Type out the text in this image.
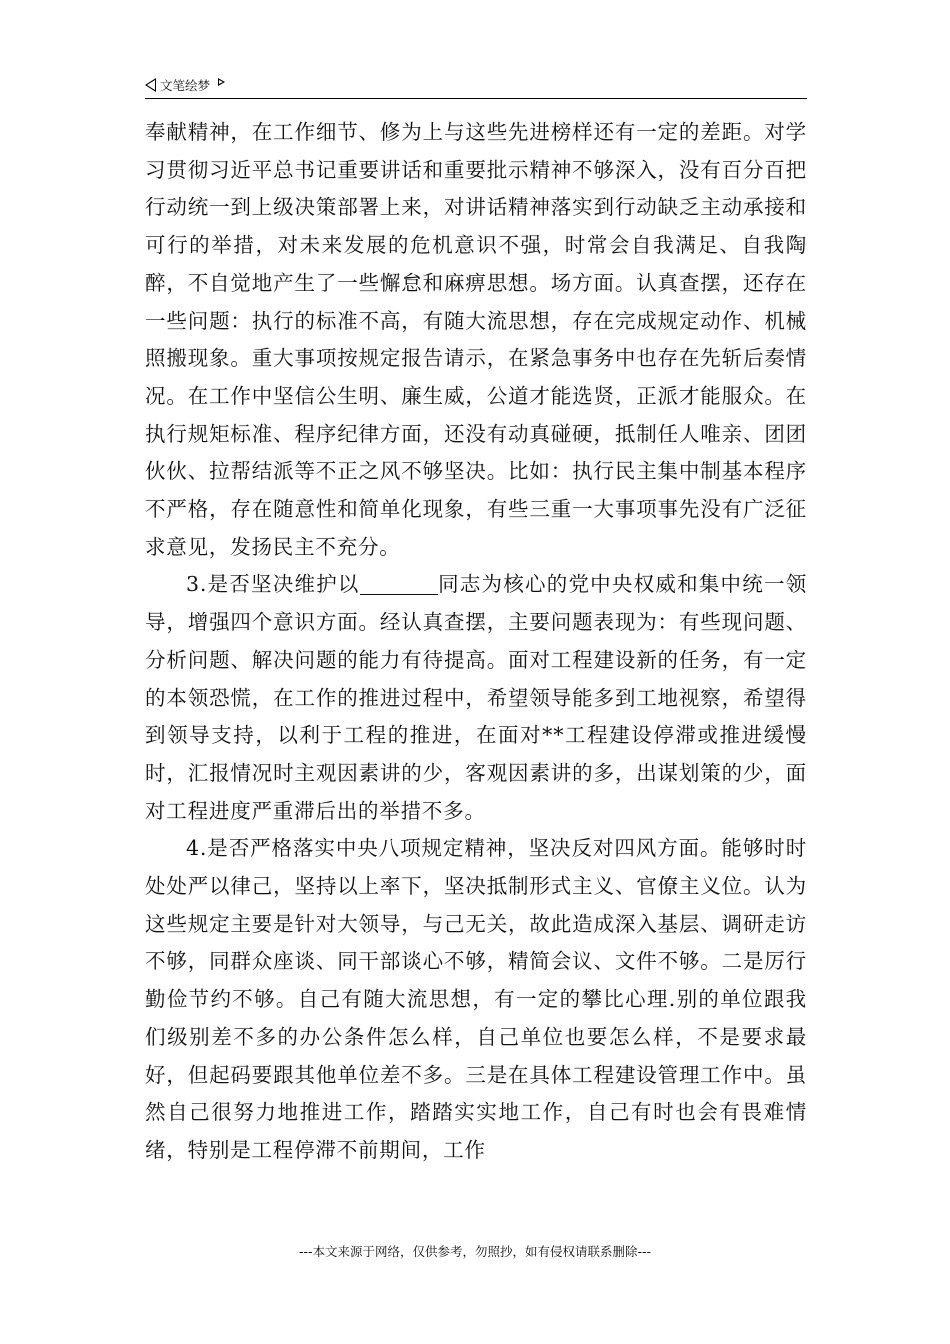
文笔绘梦

奉献精神，在工作细节、修为上与这些先进榜样还有一定的差距。对学习贯彻习近平总书记重要讲话和重要批示精神不够深入，没有百分百把行动统一到上级决策部署上来，对讲话精神落实到行动缺乏主动承接和可行的举措，对未来发展的危机意识不强，时常会自我满足、自我陶醉，不自觉地产生了一些懈怠和麻痹思想。场方面。认真查摆，还存在一些问题：执行的标准不高，有随大流思想，存在完成规定动作、机械照搬现象。重大事项按规定报告请示，在紧急事务中也存在先斩后奏情况。在工作中坚信公生明、廉生威，公道才能选贤，正派才能服众。在执行规矩标准、程序纪律方面，还没有动真碰硬，抵制任人唯亲、团团伙伙、拉帮结派等不正之风不够坚决。比如：执行民主集中制基本程序不严格，存在随意性和简单化现象，有些三重一大事项事先没有广泛征求意见，发扬民主不充分。

3.是否坚决维护以	同志为核心的党中央权威和集中统一领导，增强四个意识方面。经认真查摆，主要问题表现为：有些现问题、分析问题、解决问题的能力有待提高。面对工程建设新的任务，有一定的本领恐慌，在工作的推进过程中，希望领导能多到工地视察，希望得到领导支持，以利于工程的推进，在面对**工程建设停滞或推进缓慢时，汇报情况时主观因素讲的少，客观因素讲的多，出谋划策的少，面对工程进度严重滞后出的举措不多。

4.是否严格落实中央八项规定精神，坚决反对四风方面。能够时时处处严以律己，坚持以上率下，坚决抵制形式主义、官僚主义位。认为这些规定主要是针对大领导，与己无关，故此造成深入基层、调研走访不够，同群众座谈、同干部谈心不够，精简会议、文件不够。二是厉行勤俭节约不够。自己有随大流思想，有一定的攀比心理.别的单位跟我们级别差不多的办公条件怎么样，自己单位也要怎么样，不是要求最好，但起码要跟其他单位差不多。三是在具体工程建设管理工作中。虽然自己很努力地推进工作，踏踏实实地工作，自己有时也会有畏难情绪，特别是工程停滞不前期间，工作

---本文来源于网络，仅供参考，勿照抄，如有侵权请联系删除---
